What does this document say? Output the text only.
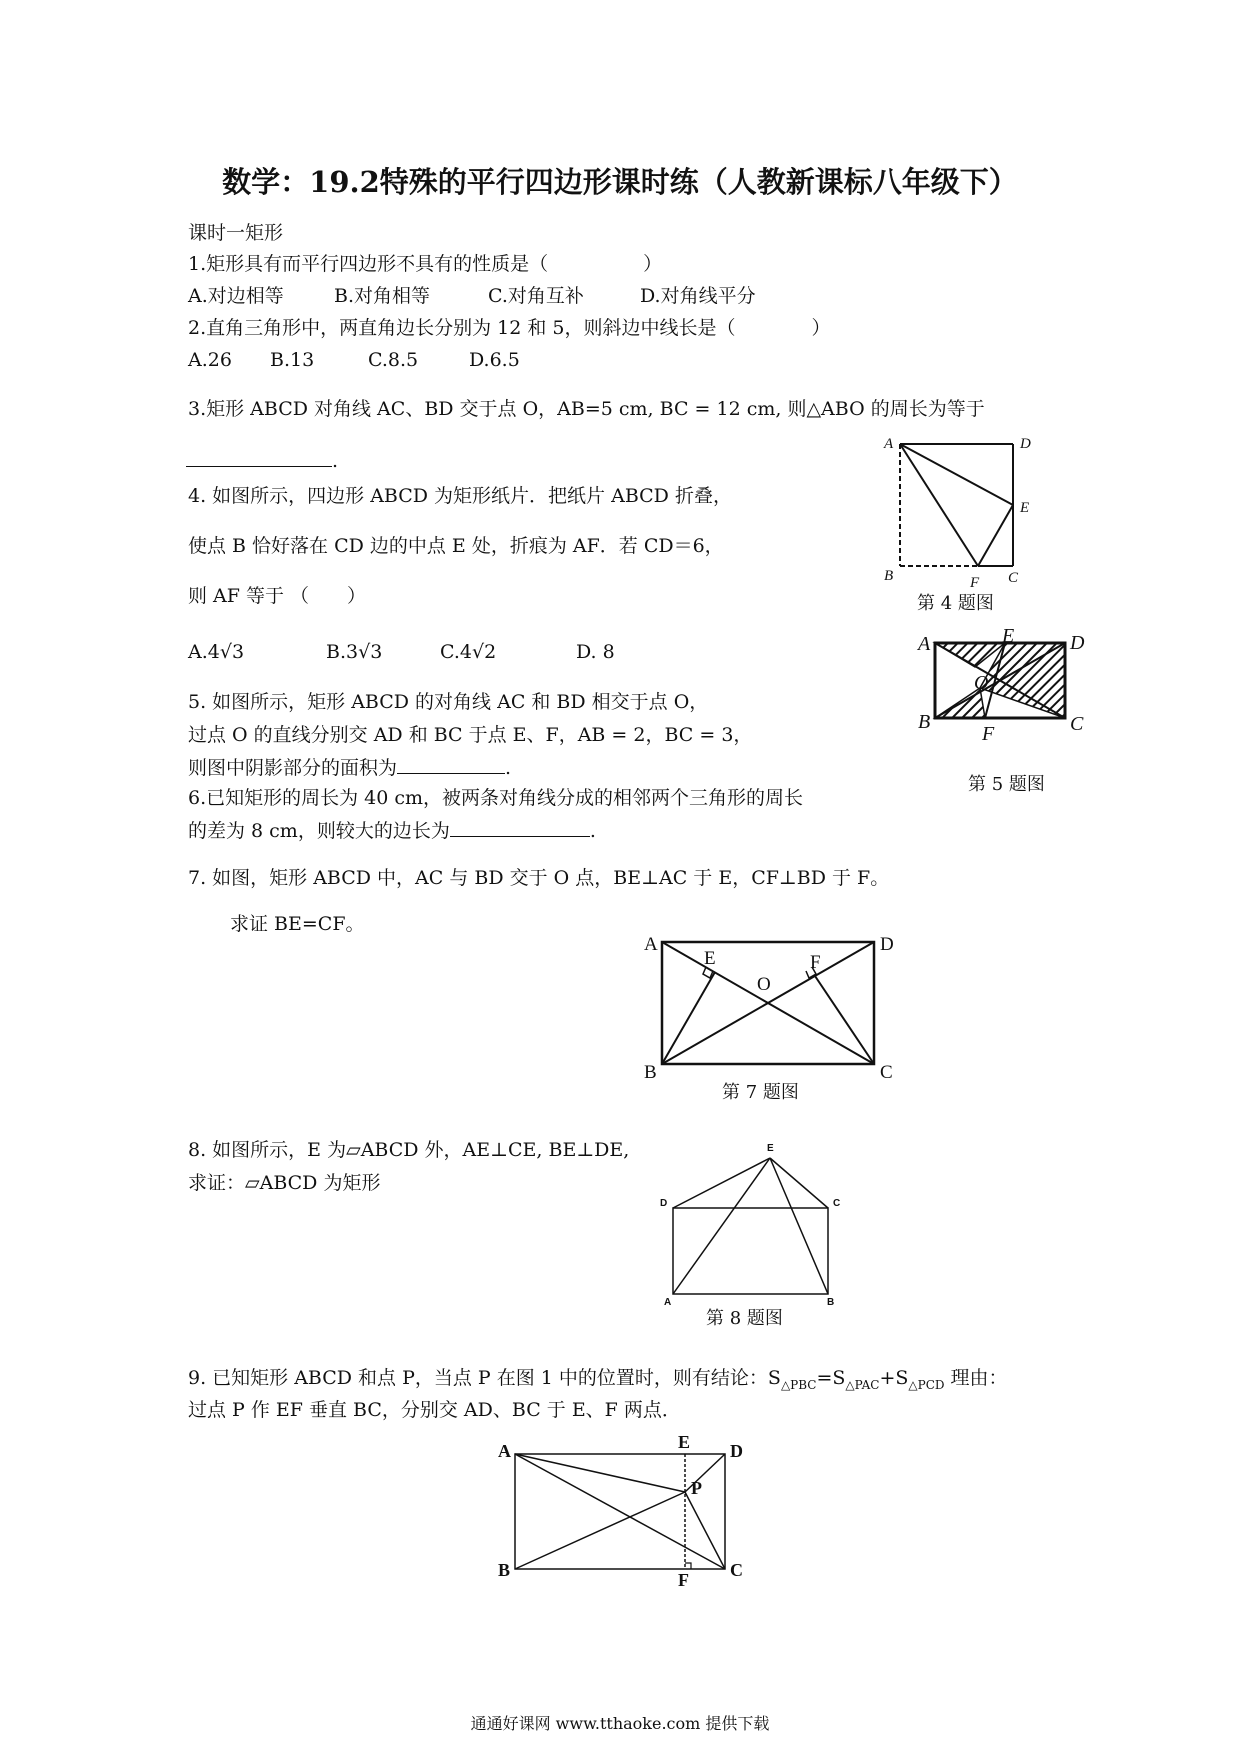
数学：19.2特殊的平行四边形课时练（人教新课标八年级下）
课时一矩形
1.矩形具有而平行四边形不具有的性质是（　　　　　）
A.对边相等	B.对角相等	C.对角互补	D.对角线平分
2.直角三角形中，两直角边长分别为 12 和 5，则斜边中线长是（　　　　）
A.26 B.13	C.8.5	D.6.5
3.矩形 ABCD 对角线 AC、BD 交于点 O，AB=5 cm, BC = 12 cm, 则△ABO 的周长为等于
.
4. 如图所示，四边形 ABCD 为矩形纸片．把纸片 ABCD 折叠，
使点 B 恰好落在 CD 边的中点 E 处，折痕为 AF．若 CD＝6，
则 AF 等于 （　　）
A.4√3	B.3√3	C.4√2	D. 8
A	D
E
B	F C
第 4 题图
5. 如图所示，矩形 ABCD 的对角线 AC 和 BD 相交于点 O，
过点 O 的直线分别交 AD 和 BC 于点 E、F，AB = 2，BC = 3，
则图中阴影部分的面积为	.
A	E	D
O
B
F	C
第 5 题图
6.已知矩形的周长为 40 cm，被两条对角线分成的相邻两个三角形的周长
的差为 8 cm，则较大的边长为	.
7. 如图，矩形 ABCD 中，AC 与 BD 交于 O 点，BE⊥AC 于 E，CF⊥BD 于 F。
求证 BE=CF。
A
E
O
F
D
B	C
第 7 题图
8. 如图所示，E 为▱ABCD 外，AE⊥CE, BE⊥DE,
求证：▱ABCD 为矩形
E
D	C
A	B
第 8 题图
9. 已知矩形 ABCD 和点 P，当点 P 在图 1 中的位置时，则有结论：$S_{\triangle PBC}=S_{\triangle PAC}+S_{\triangle PCD}$ 理由：
过点 P 作 EF 垂直 BC，分别交 AD、BC 于 E、F 两点．
A	E D
P
B	F C
通通好课网 www.tthaoke.com 提供下载
